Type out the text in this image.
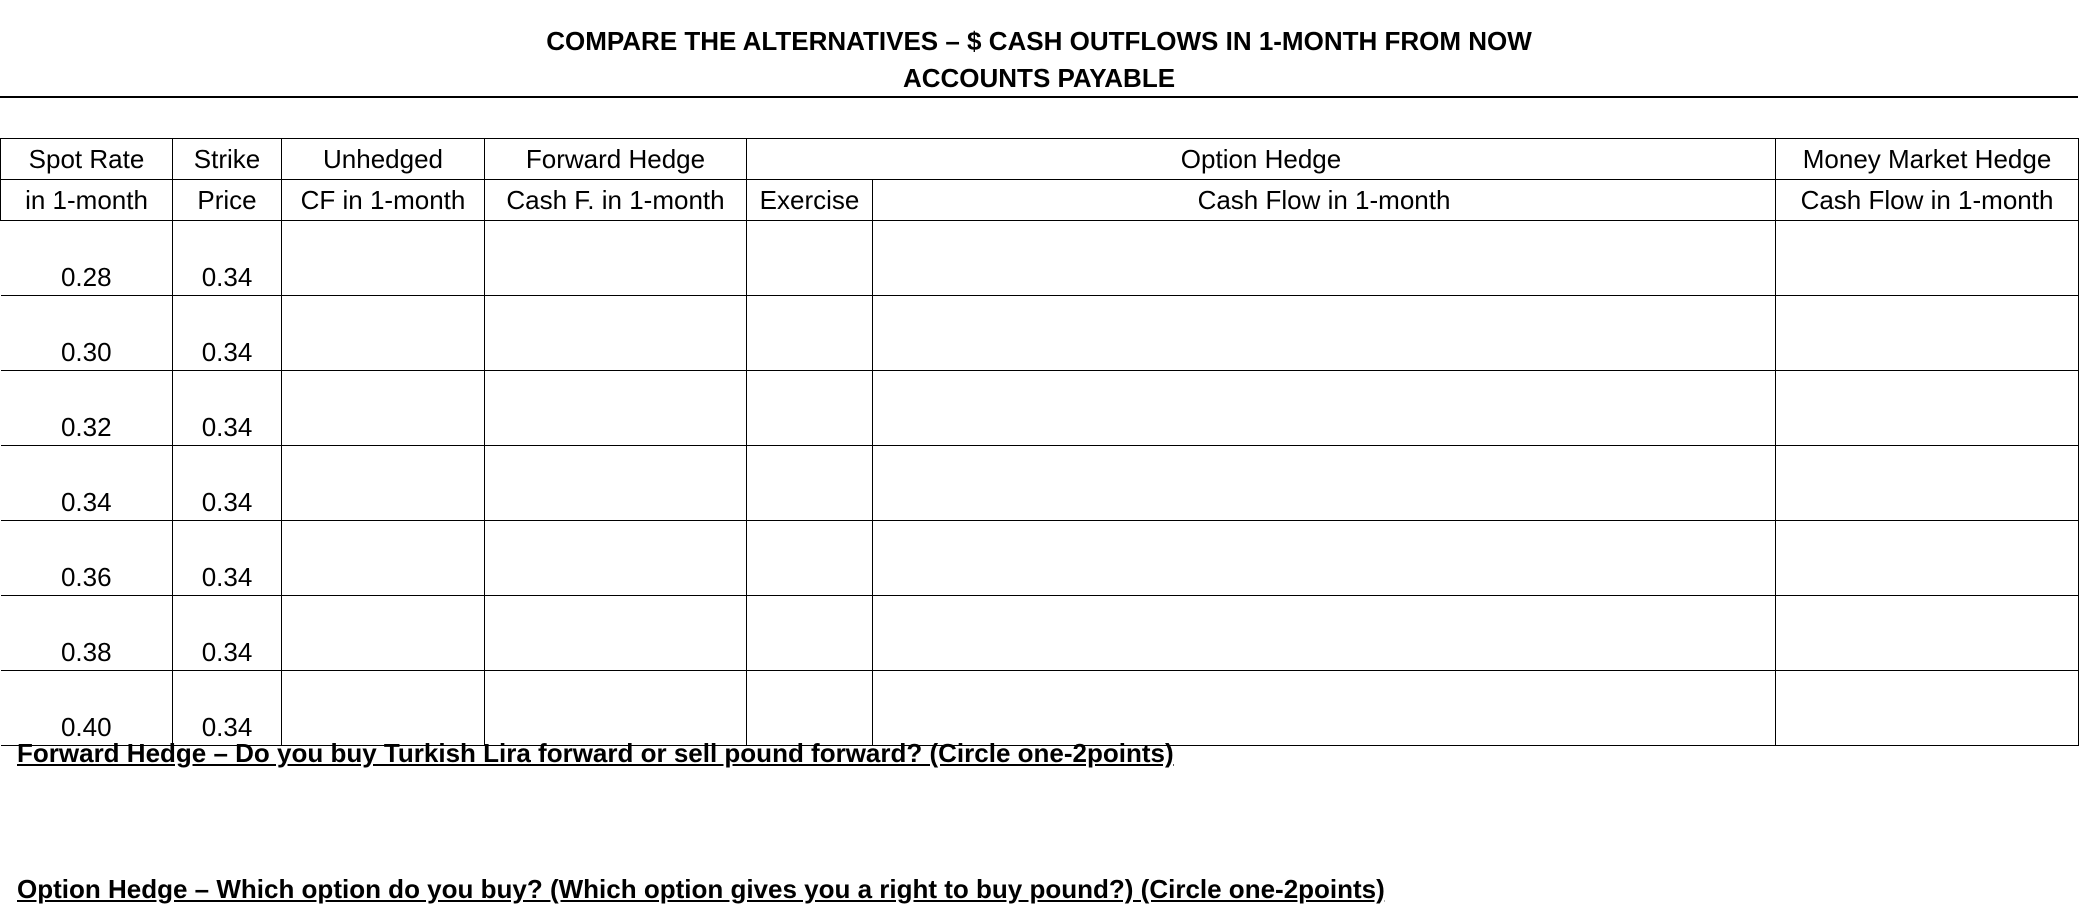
COMPARE THE ALTERNATIVES – $ CASH OUTFLOWS IN 1-MONTH FROM NOW
ACCOUNTS PAYABLE
Spot Rate	Strike	Unhedged	Forward Hedge	Option Hedge		Money Market Hedge
in 1-month	Price	CF in 1-month	Cash F. in 1-month	Exercise	Cash Flow in 1-month	Cash Flow in 1-month
0.28	0.34					
0.30	0.34					
0.32	0.34					
0.34	0.34					
0.36	0.34					
0.38	0.34					
0.40	0.34					
Forward Hedge – Do you buy Turkish Lira forward or sell pound forward? (Circle one-2points)
Option Hedge – Which option do you buy? (Which option gives you a right to buy pound?) (Circle one-2points)
